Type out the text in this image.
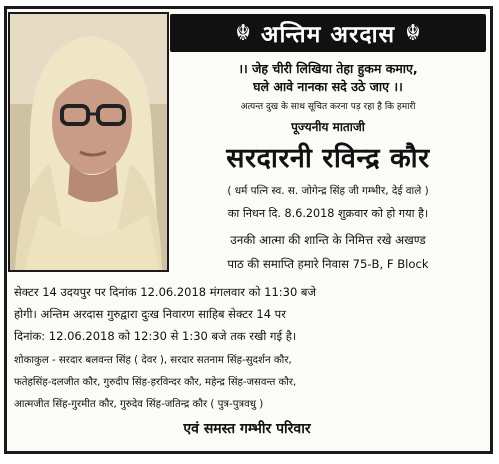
☬ अन्तिम अरदास ☬
।। जेह चीरी लिखिया तेहा हुकम कमाए,
घले आवे नानका सदे उठे जाए ।।
अत्यन्त दुख के साथ सूचित करना पड़ रहा है कि हमारी
पूज्यनीय माताजी
सरदारनी रविन्द्र कौर
( धर्म पत्नि स्व. स. जोगेन्द्र सिंह जी गम्भीर, देई वाले )
का निधन दि. 8.6.2018 शुक्रवार को हो गया है।
उनकी आत्मा की शान्ति के निमित्त रखे अखण्ड
पाठ की समाप्ति हमारे निवास 75-B, F Block
सेक्टर 14 उदयपुर पर दिनांक 12.06.2018 मंगलवार को 11:30 बजे
होगी। अन्तिम अरदास गुरुद्वारा दुःख निवारण साहिब सेक्टर 14 पर
दिनांक: 12.06.2018 को 12:30 से 1:30 बजे तक रखी गई है।
शोकाकुल - सरदार बलवन्त सिंह ( देवर ), सरदार सतनाम सिंह-सुदर्शन कौर,
फतेहसिंह-दलजीत कौर, गुरुदीप सिंह-हरविन्दर कौर, महेन्द्र सिंह-जसवन्त कौर,
आत्मजीत सिंह-गुरमीत कौर, गुरुदेव सिंह-जतिन्द्र कौर ( पुत्र-पुत्रवधु )
एवं समस्त गम्भीर परिवार
